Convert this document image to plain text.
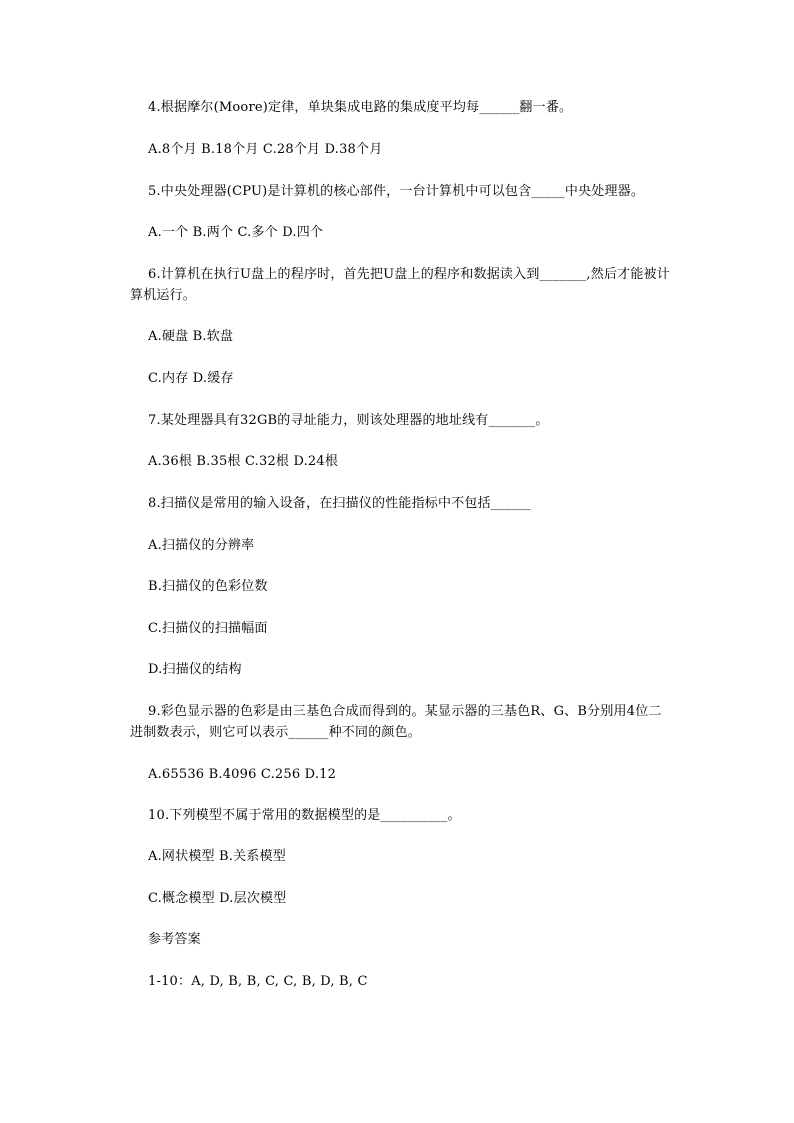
4.根据摩尔(Moore)定律，单块集成电路的集成度平均每______翻一番。
A.8个月 B.18个月 C.28个月 D.38个月
5.中央处理器(CPU)是计算机的核心部件，一台计算机中可以包含_____中央处理器。
A.一个 B.两个 C.多个 D.四个
6.计算机在执行U盘上的程序时，首先把U盘上的程序和数据读入到_______,然后才能被计算机运行。
A.硬盘 B.软盘
C.内存 D.缓存
7.某处理器具有32GB的寻址能力，则该处理器的地址线有_______。
A.36根 B.35根 C.32根 D.24根
8.扫描仪是常用的输入设备，在扫描仪的性能指标中不包括______
A.扫描仪的分辨率
B.扫描仪的色彩位数
C.扫描仪的扫描幅面
D.扫描仪的结构
9.彩色显示器的色彩是由三基色合成而得到的。某显示器的三基色R、G、B分别用4位二进制数表示，则它可以表示______种不同的颜色。
A.65536 B.4096 C.256 D.12
10.下列模型不属于常用的数据模型的是__________。
A.网状模型 B.关系模型
C.概念模型 D.层次模型
参考答案
1-10：A, D, B, B, C, C, B, D, B, C
